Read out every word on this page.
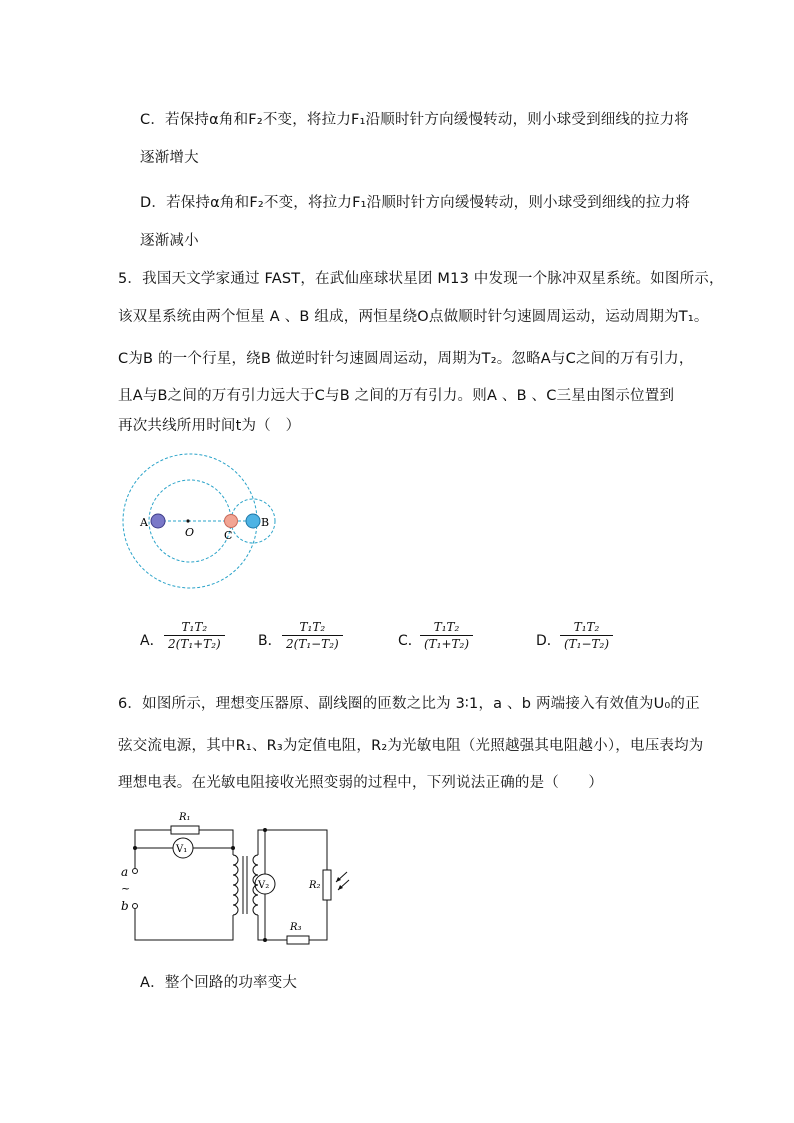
C．若保持α角和F₂不变，将拉力F₁沿顺时针方向缓慢转动，则小球受到细线的拉力将
逐渐增大
D．若保持α角和F₂不变，将拉力F₁沿顺时针方向缓慢转动，则小球受到细线的拉力将
逐渐减小
5．我国天文学家通过 FAST，在武仙座球状星团 M13 中发现一个脉冲双星系统。如图所示，
该双星系统由两个恒星 A 、B 组成，两恒星绕O点做顺时针匀速圆周运动，运动周期为T₁。
C为B 的一个行星，绕B 做逆时针匀速圆周运动，周期为T₂。忽略A与C之间的万有引力，
且A与B之间的万有引力远大于C与B 之间的万有引力。则A 、B 、C三星由图示位置到
再次共线所用时间t为（　）
A
O	C
B
A． $\frac{\text{T₁T₂}}{\text{2(T₁+T₂)}}$ B． $\frac{\text{T₁T₂}}{\text{2(T₁−T₂)}}$	C．
$\frac{\text{T₁T₂}}{\text{(T₁+T₂)}}$	D． $\frac{\text{T₁T₂}}{\text{(T₁−T₂)}}$
6．如图所示，理想变压器原、副线圈的匝数之比为 3∶1，a 、b 两端接入有效值为U₀的正
弦交流电源，其中R₁、R₃为定值电阻，R₂为光敏电阻（光照越强其电阻越小），电压表均为
理想电表。在光敏电阻接收光照变弱的过程中，下列说法正确的是（　　）
R₁
V₁
a
~
b
V₂	R₂
R₃
A．整个回路的功率变大
